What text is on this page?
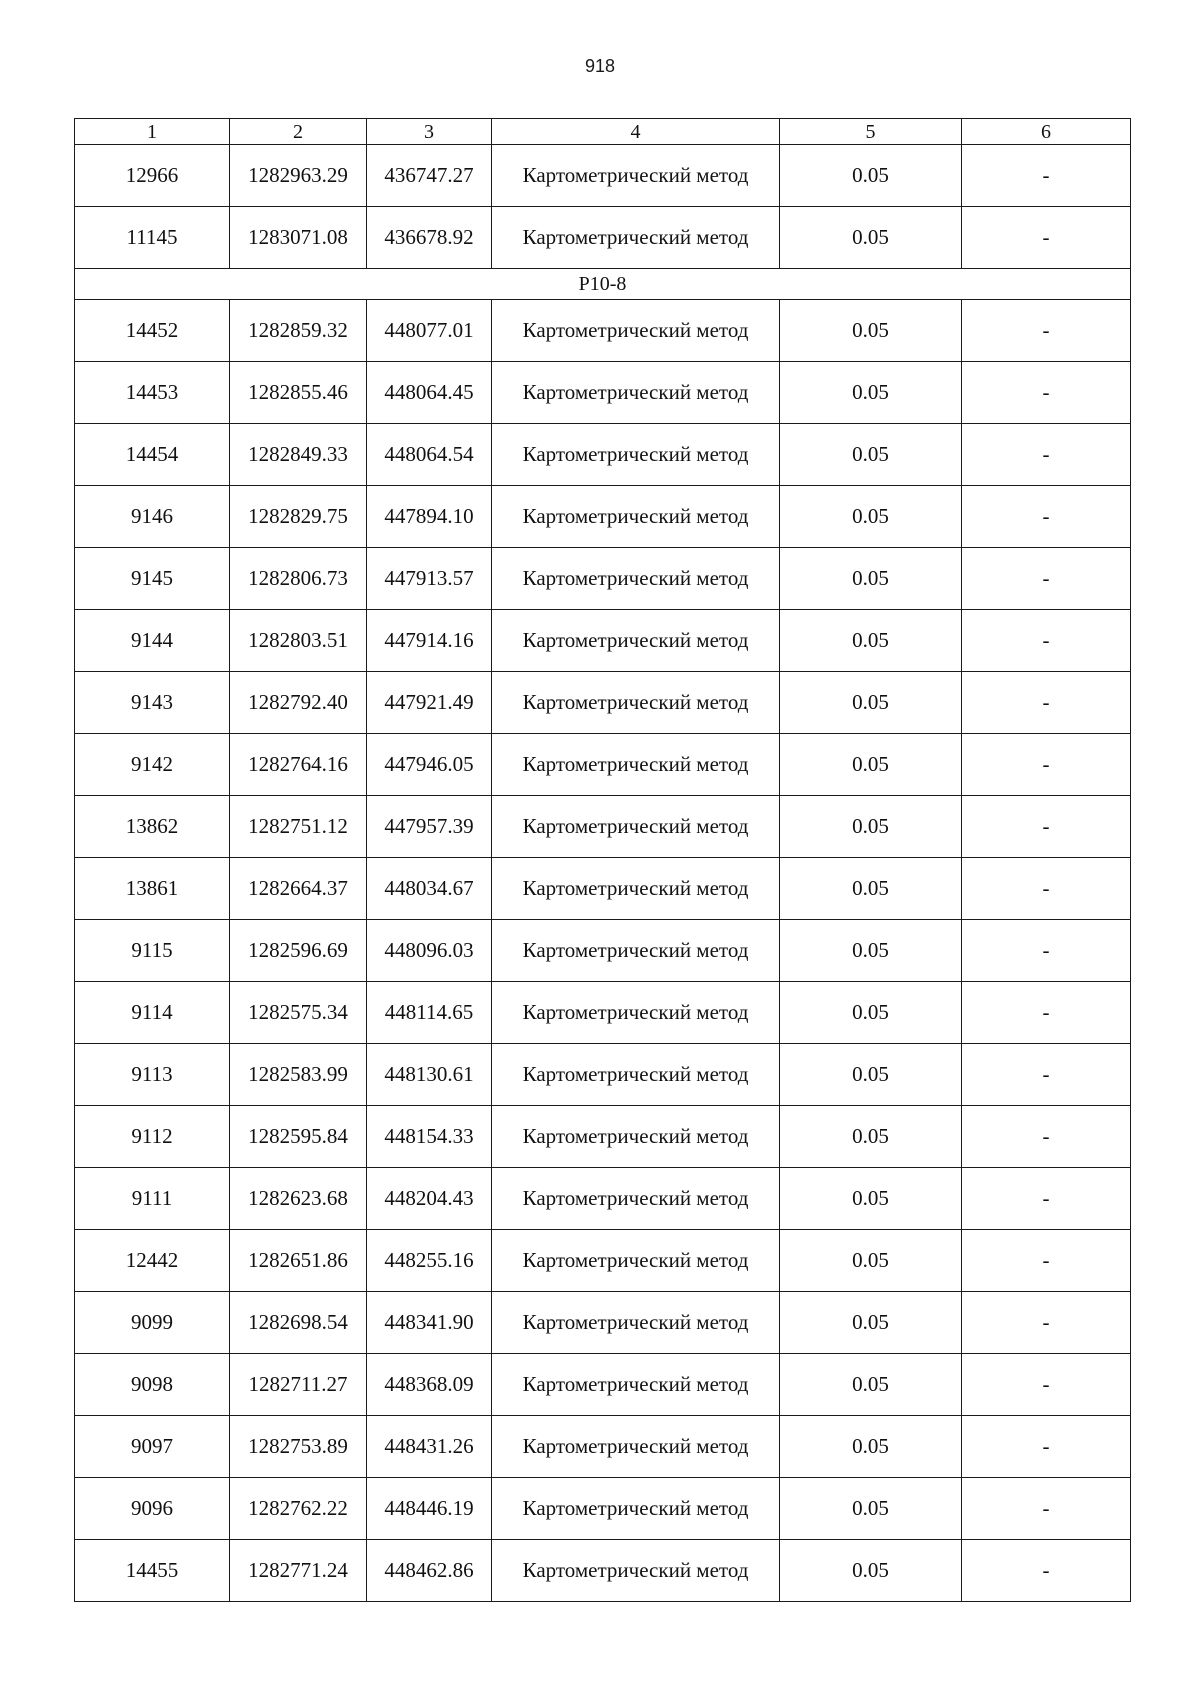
918
1	2	3	4	5	6
12966	1282963.29	436747.27	Картометрический метод	0.05	-
11145	1283071.08	436678.92	Картометрический метод	0.05	-
Р10-8					
14452	1282859.32	448077.01	Картометрический метод	0.05	-
14453	1282855.46	448064.45	Картометрический метод	0.05	-
14454	1282849.33	448064.54	Картометрический метод	0.05	-
9146	1282829.75	447894.10	Картометрический метод	0.05	-
9145	1282806.73	447913.57	Картометрический метод	0.05	-
9144	1282803.51	447914.16	Картометрический метод	0.05	-
9143	1282792.40	447921.49	Картометрический метод	0.05	-
9142	1282764.16	447946.05	Картометрический метод	0.05	-
13862	1282751.12	447957.39	Картометрический метод	0.05	-
13861	1282664.37	448034.67	Картометрический метод	0.05	-
9115	1282596.69	448096.03	Картометрический метод	0.05	-
9114	1282575.34	448114.65	Картометрический метод	0.05	-
9113	1282583.99	448130.61	Картометрический метод	0.05	-
9112	1282595.84	448154.33	Картометрический метод	0.05	-
9111	1282623.68	448204.43	Картометрический метод	0.05	-
12442	1282651.86	448255.16	Картометрический метод	0.05	-
9099	1282698.54	448341.90	Картометрический метод	0.05	-
9098	1282711.27	448368.09	Картометрический метод	0.05	-
9097	1282753.89	448431.26	Картометрический метод	0.05	-
9096	1282762.22	448446.19	Картометрический метод	0.05	-
14455	1282771.24	448462.86	Картометрический метод	0.05	-
